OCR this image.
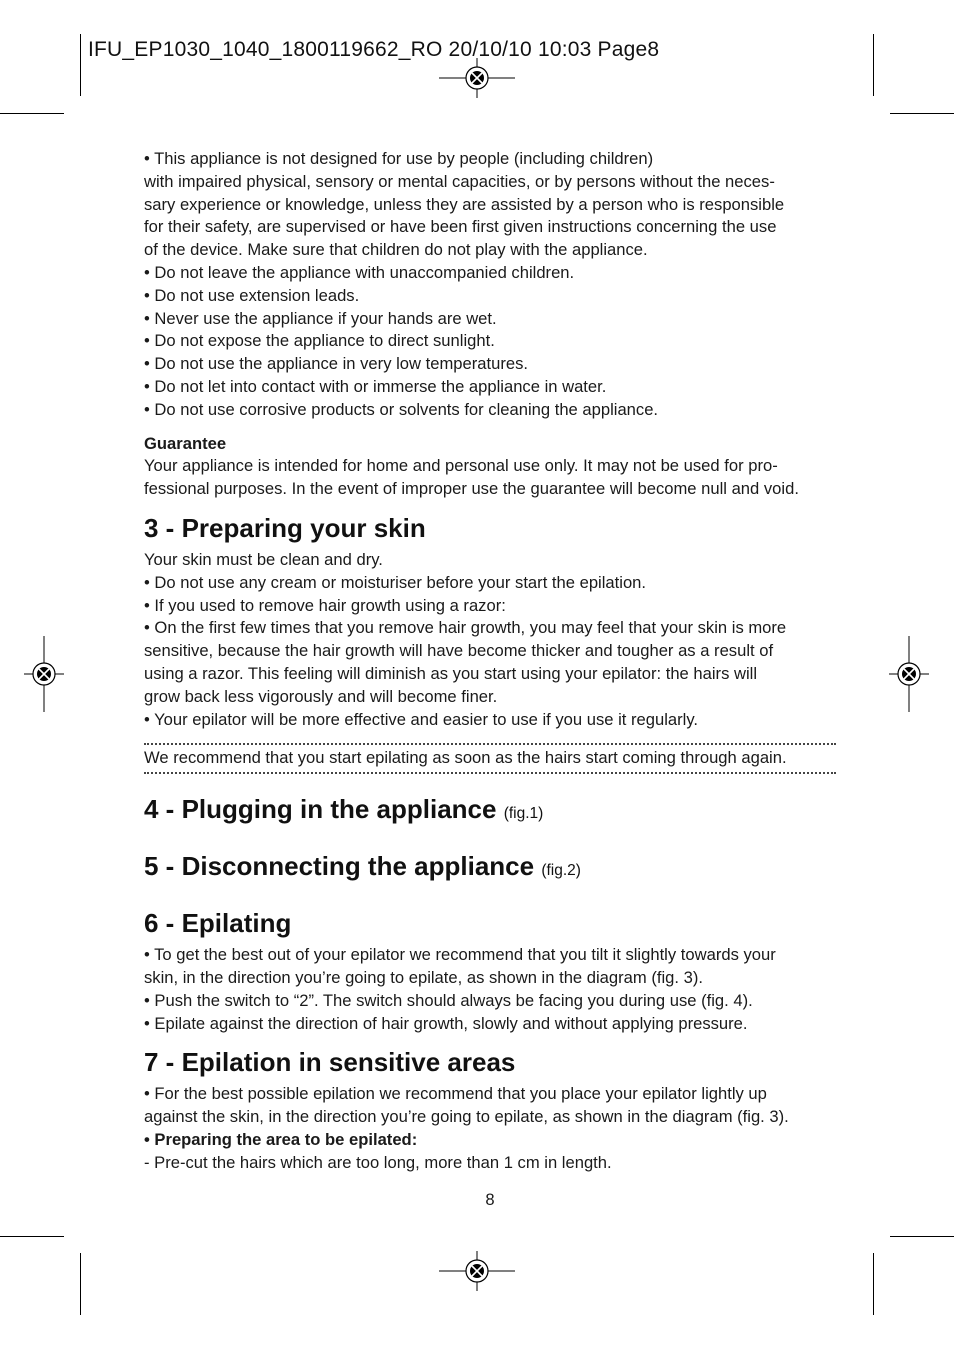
IFU_EP1030_1040_1800119662_RO 20/10/10 10:03 Page8

• This appliance is not designed for use by people (including children)

with impaired physical, sensory or mental capacities, or by persons without the neces-

sary experience or knowledge, unless they are assisted by a person who is responsible

for their safety, are supervised or have been first given instructions concerning the use

of the device. Make sure that children do not play with the appliance.

• Do not leave the appliance with unaccompanied children.

• Do not use extension leads.

• Never use the appliance if your hands are wet.

• Do not expose the appliance to direct sunlight.

• Do not use the appliance in very low temperatures.

• Do not let into contact with or immerse the appliance in water.

• Do not use corrosive products or solvents for cleaning the appliance.

Guarantee

Your appliance is intended for home and personal use only. It may not be used for pro-

fessional purposes. In the event of improper use the guarantee will become null and void.

3 - Preparing your skin

Your skin must be clean and dry.

• Do not use any cream or moisturiser before your start the epilation.

• If you used to remove hair growth using a razor:

• On the first few times that you remove hair growth, you may feel that your skin is more

sensitive, because the hair growth will have become thicker and tougher as a result of

using a razor. This feeling will diminish as you start using your epilator: the hairs will

grow back less vigorously and will become finer.

• Your epilator will be more effective and easier to use if you use it regularly.

We recommend that you start epilating as soon as the hairs start coming through again.

4 - Plugging in the appliance (fig.1)
5 - Disconnecting the appliance (fig.2)
6 - Epilating

• To get the best out of your epilator we recommend that you tilt it slightly towards your

skin, in the direction you’re going to epilate, as shown in the diagram (fig. 3).

• Push the switch to “2”. The switch should always be facing you during use (fig. 4).

• Epilate against the direction of hair growth, slowly and without applying pressure.

7 - Epilation in sensitive areas

• For the best possible epilation we recommend that you place your epilator lightly up

against the skin, in the direction you’re going to epilate, as shown in the diagram (fig. 3).

• Preparing the area to be epilated:

- Pre-cut the hairs which are too long, more than 1 cm in length.

8
